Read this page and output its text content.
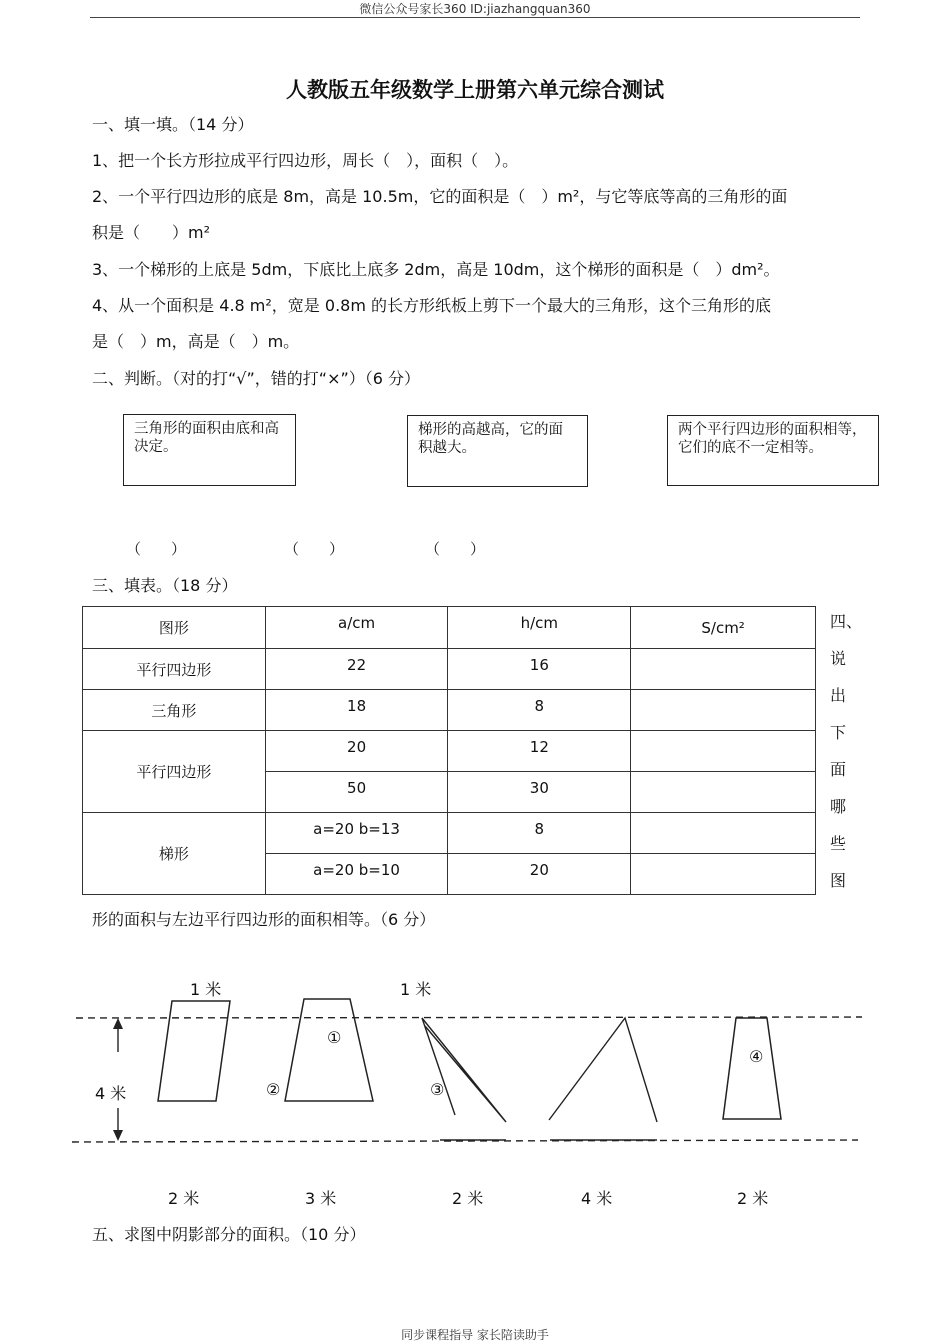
微信公众号家长360 ID:jiazhangquan360
人教版五年级数学上册第六单元综合测试
一、填一填。（14 分）
1、把一个长方形拉成平行四边形，周长（　），面积（　）。
2、一个平行四边形的底是 8m，高是 10.5m，它的面积是（　）m²，与它等底等高的三角形的面
积是（　　）m²
3、一个梯形的上底是 5dm，下底比上底多 2dm，高是 10dm，这个梯形的面积是（　）dm²。
4、从一个面积是 4.8 m²，宽是 0.8m 的长方形纸板上剪下一个最大的三角形，这个三角形的底
是（　）m，高是（　）m。
二、判断。（对的打“√”，错的打“×”）（6 分）
三角形的面积由底和高决定。
梯形的高越高，它的面积越大。
两个平行四边形的面积相等，它们的底不一定相等。
（　　）	（　　）	（　　）
三、填表。（18 分）
图形	a/cm	h/cm	S/cm²
平行四边形	22	16	

三角形	18	8	

平行四边形	20	12	

	50	30	

梯形	a=20 b=13	8	

	a=20 b=10	20	

四、
说
出
下
面
哪
些
图
形的面积与左边平行四边形的面积相等。（6 分）
1 米	1 米
4 米
①
②	③
④
2 米	3 米	2 米	4 米	2 米
五、求图中阴影部分的面积。（10 分）
同步课程指导 家长陪读助手
